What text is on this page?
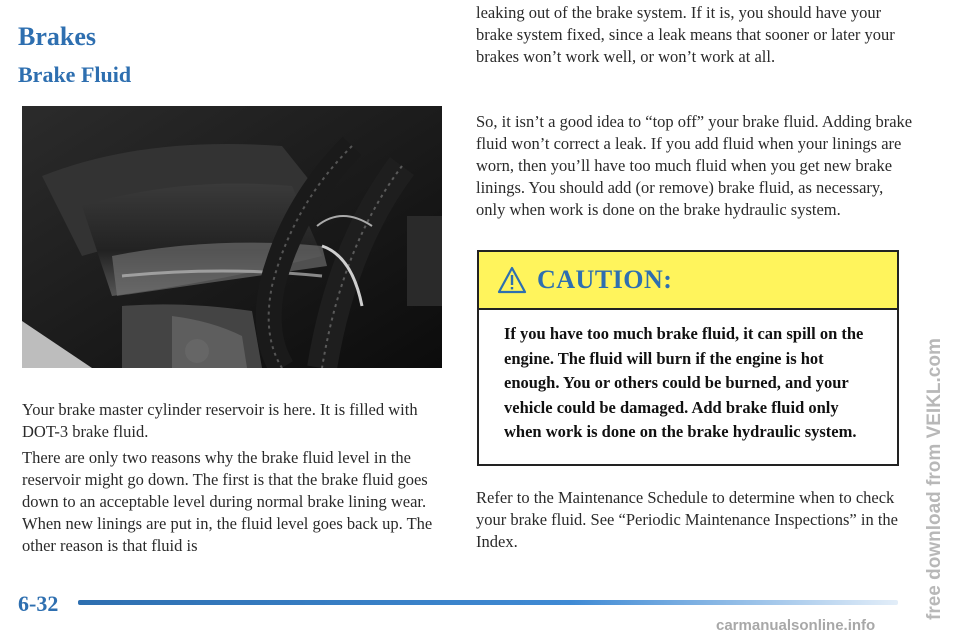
Brakes
Brake Fluid

Your brake master cylinder reservoir is here. It is filled with DOT-3 brake fluid.

There are only two reasons why the brake fluid level in the reservoir might go down. The first is that the brake fluid goes down to an acceptable level during normal brake lining wear. When new linings are put in, the fluid level goes back up. The other reason is that fluid is

leaking out of the brake system. If it is, you should have your brake system fixed, since a leak means that sooner or later your brakes won’t work well, or won’t work at all.

So, it isn’t a good idea to “top off” your brake fluid. Adding brake fluid won’t correct a leak. If you add fluid when your linings are worn, then you’ll have too much fluid when you get new brake linings. You should add (or remove) brake fluid, as necessary, only when work is done on the brake hydraulic system.

CAUTION:

If you have too much brake fluid, it can spill on the engine. The fluid will burn if the engine is hot enough. You or others could be burned, and your vehicle could be damaged. Add brake fluid only when work is done on the brake hydraulic system.

Refer to the Maintenance Schedule to determine when to check your brake fluid. See “Periodic Maintenance Inspections” in the Index.

6-32	free download from VEIKL.com

carmanualsonline.info
